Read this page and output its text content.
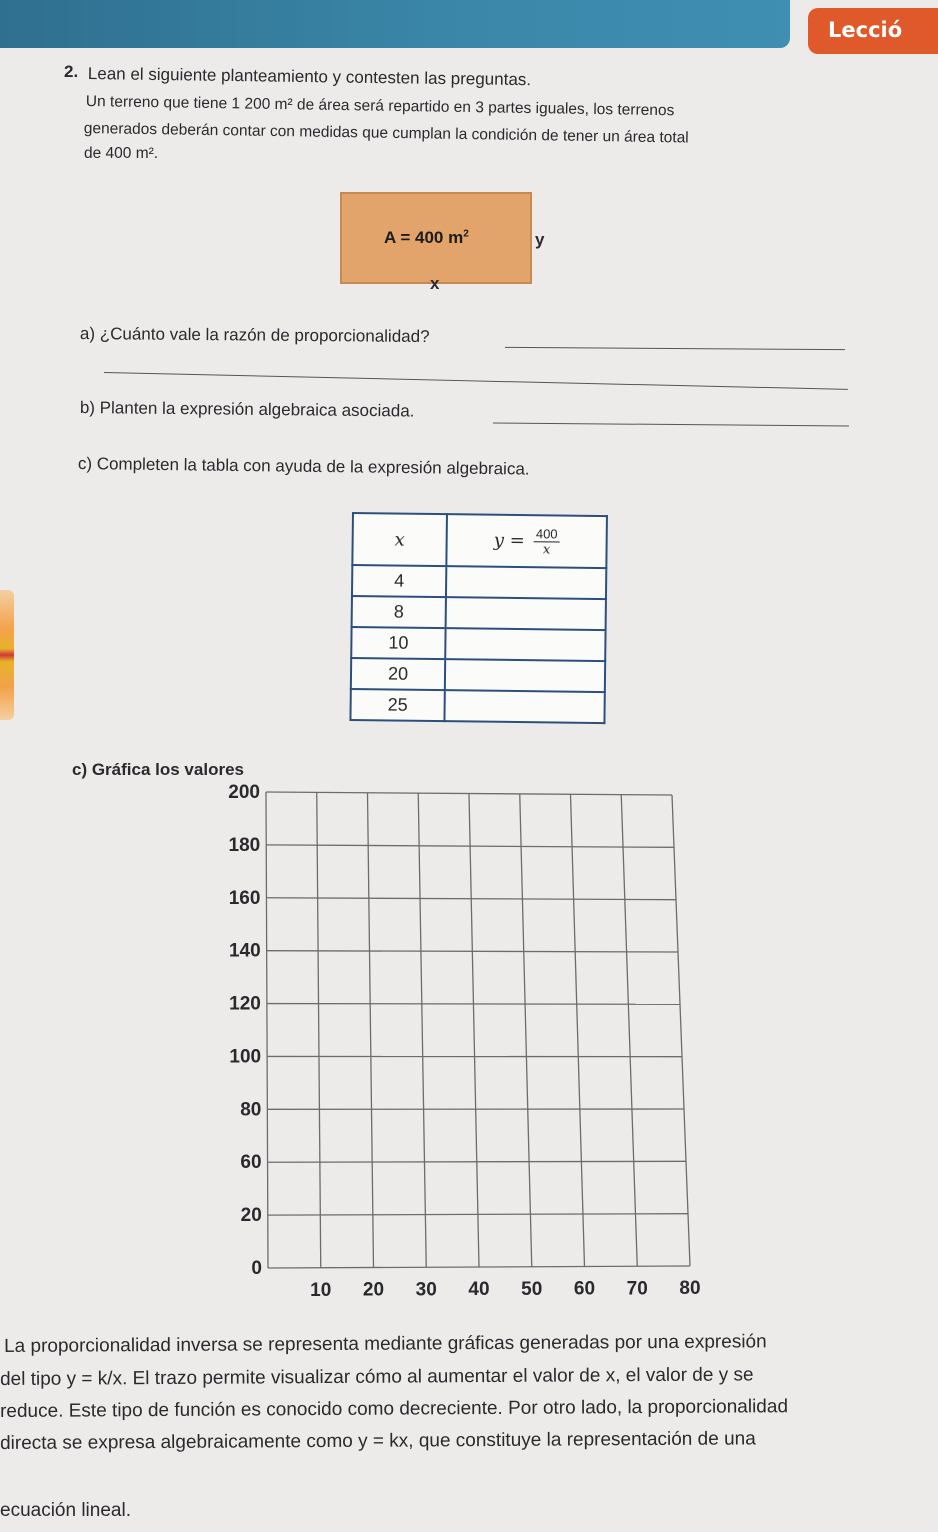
Lecció
2. Lean el siguiente planteamiento y contesten las preguntas.
Un terreno que tiene 1 200 m² de área será repartido en 3 partes iguales, los terrenos
generados deberán contar con medidas que cumplan la condición de tener un área total
de 400 m².
A = 400 $m^2$	y
x
a) ¿Cuánto vale la razón de proporcionalidad?
b) Planten la expresión algebraica asociada.
c) Completen la tabla con ayuda de la expresión algebraica.
x	$y = \frac{400}{x}$

4	
8	
10	
20	
25	
c) Gráfica los valores
200
180
160
140
120
100
80
60
20
0
10 20 30 40 50 60 70 80
La proporcionalidad inversa se representa mediante gráficas generadas por una expresión
del tipo y = k/x. El trazo permite visualizar cómo al aumentar el valor de x, el valor de y se
reduce. Este tipo de función es conocido como decreciente. Por otro lado, la proporcionalidad
directa se expresa algebraicamente como y = kx, que constituye la representación de una
ecuación lineal.
